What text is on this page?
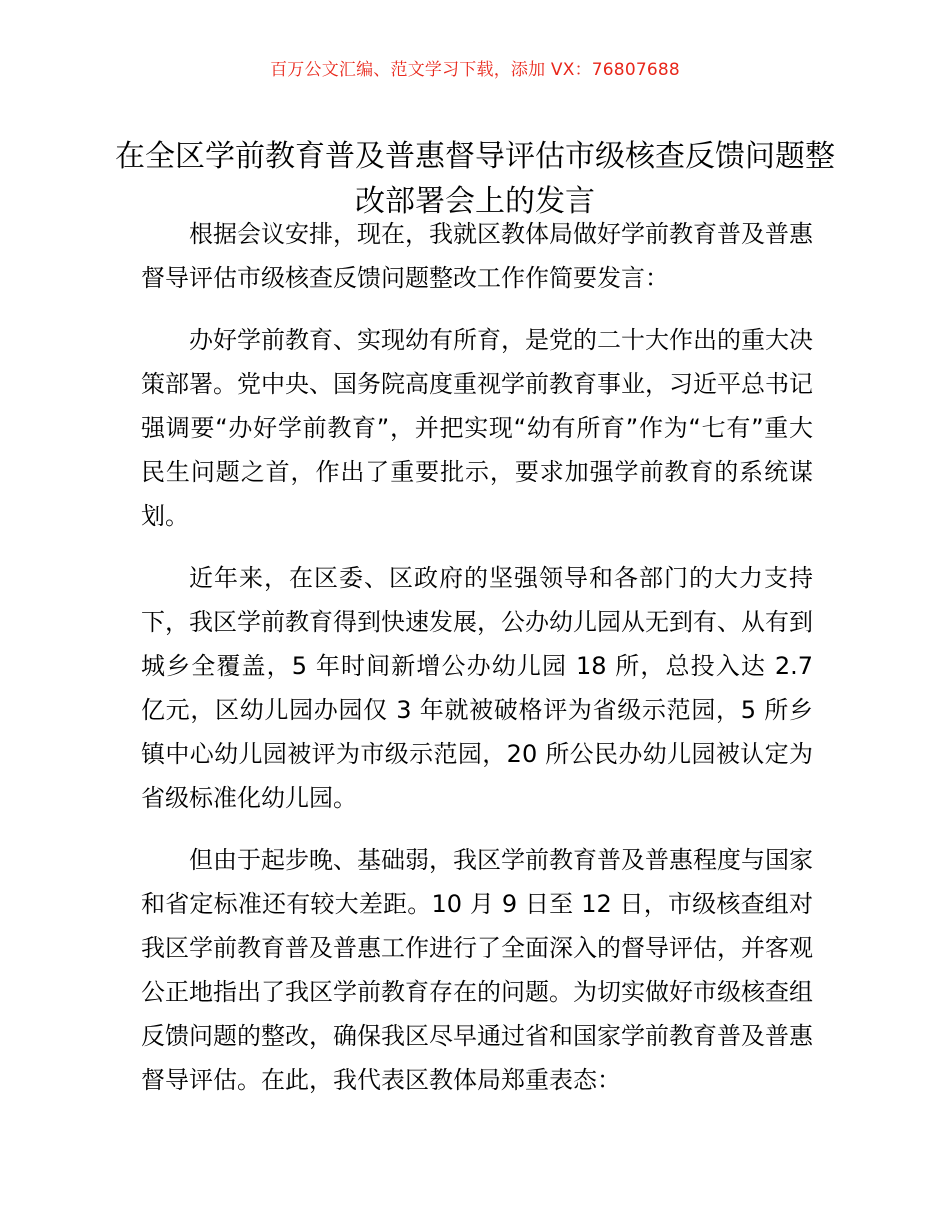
百万公文汇编、范文学习下载，添加 VX：76807688
在全区学前教育普及普惠督导评估市级核查反馈问题整改部署会上的发言

根据会议安排，现在，我就区教体局做好学前教育普及普惠督导评估市级核查反馈问题整改工作作简要发言：

办好学前教育、实现幼有所育，是党的二十大作出的重大决策部署。党中央、国务院高度重视学前教育事业，习近平总书记强调要“办好学前教育”，并把实现“幼有所育”作为“七有”重大民生问题之首，作出了重要批示，要求加强学前教育的系统谋划。

近年来，在区委、区政府的坚强领导和各部门的大力支持下，我区学前教育得到快速发展，公办幼儿园从无到有、从有到城乡全覆盖，5 年时间新增公办幼儿园 18 所，总投入达 2.7 亿元，区幼儿园办园仅 3 年就被破格评为省级示范园，5 所乡镇中心幼儿园被评为市级示范园，20 所公民办幼儿园被认定为省级标准化幼儿园。

但由于起步晚、基础弱，我区学前教育普及普惠程度与国家和省定标准还有较大差距。10 月 9 日至 12 日，市级核查组对我区学前教育普及普惠工作进行了全面深入的督导评估，并客观公正地指出了我区学前教育存在的问题。为切实做好市级核查组反馈问题的整改，确保我区尽早通过省和国家学前教育普及普惠督导评估。在此，我代表区教体局郑重表态：
